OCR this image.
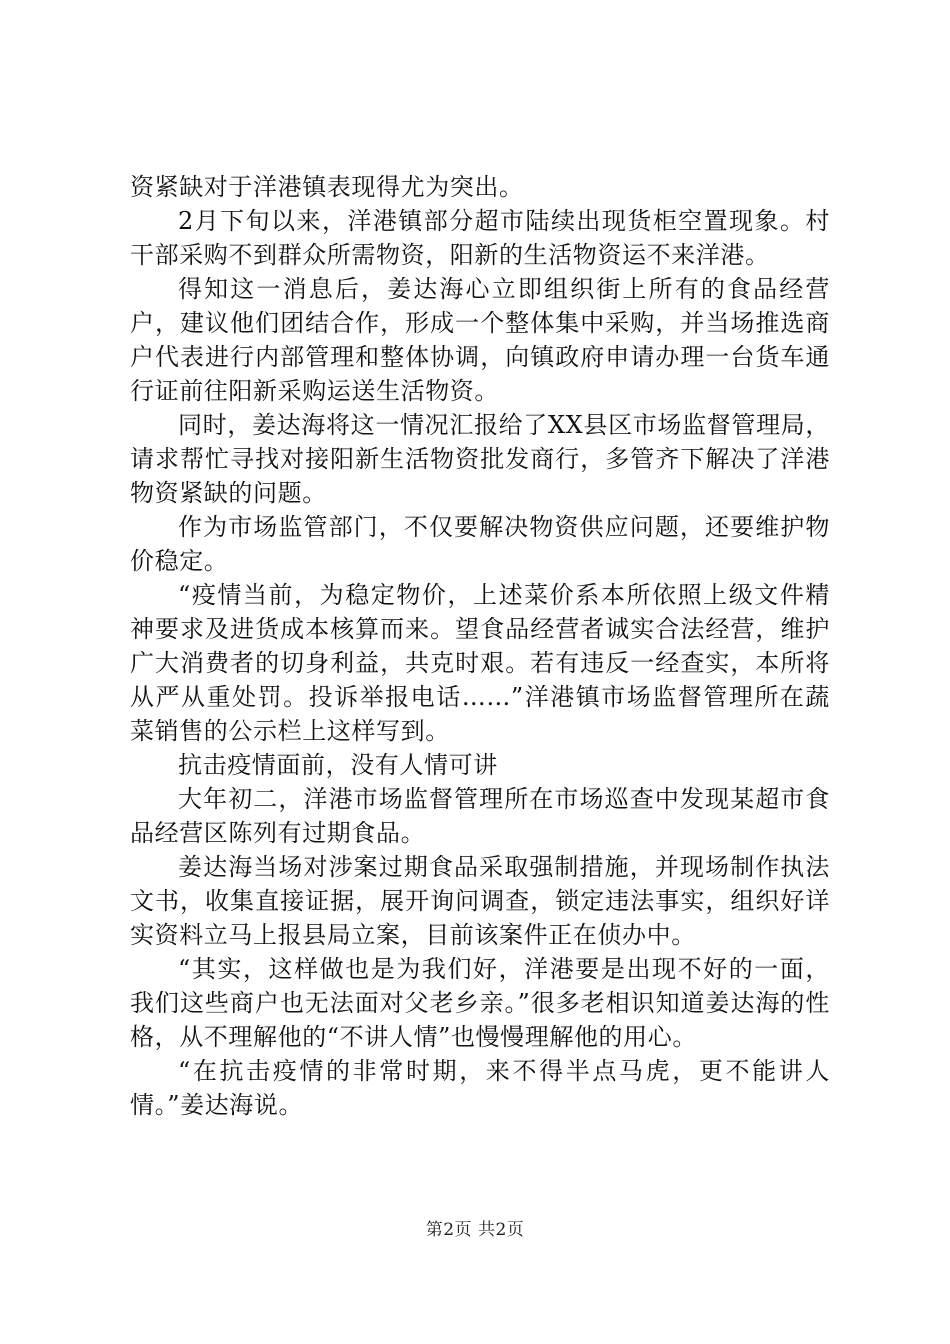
资紧缺对于洋港镇表现得尤为突出。

2月下旬以来，洋港镇部分超市陆续出现货柜空置现象。村干部采购不到群众所需物资，阳新的生活物资运不来洋港。

得知这一消息后，姜达海心立即组织街上所有的食品经营户，建议他们团结合作，形成一个整体集中采购，并当场推选商户代表进行内部管理和整体协调，向镇政府申请办理一台货车通行证前往阳新采购运送生活物资。

同时，姜达海将这一情况汇报给了XX县区市场监督管理局，请求帮忙寻找对接阳新生活物资批发商行，多管齐下解决了洋港物资紧缺的问题。

作为市场监管部门，不仅要解决物资供应问题，还要维护物价稳定。

“疫情当前，为稳定物价，上述菜价系本所依照上级文件精神要求及进货成本核算而来。望食品经营者诚实合法经营，维护广大消费者的切身利益，共克时艰。若有违反一经查实，本所将从严从重处罚。投诉举报电话……”洋港镇市场监督管理所在蔬菜销售的公示栏上这样写到。

抗击疫情面前，没有人情可讲

大年初二，洋港市场监督管理所在市场巡查中发现某超市食品经营区陈列有过期食品。

姜达海当场对涉案过期食品采取强制措施，并现场制作执法文书，收集直接证据，展开询问调查，锁定违法事实，组织好详实资料立马上报县局立案，目前该案件正在侦办中。

“其实，这样做也是为我们好，洋港要是出现不好的一面，我们这些商户也无法面对父老乡亲。”很多老相识知道姜达海的性格，从不理解他的“不讲人情”也慢慢理解他的用心。

“在抗击疫情的非常时期，来不得半点马虎，更不能讲人情。”姜达海说。

第2页 共2页
